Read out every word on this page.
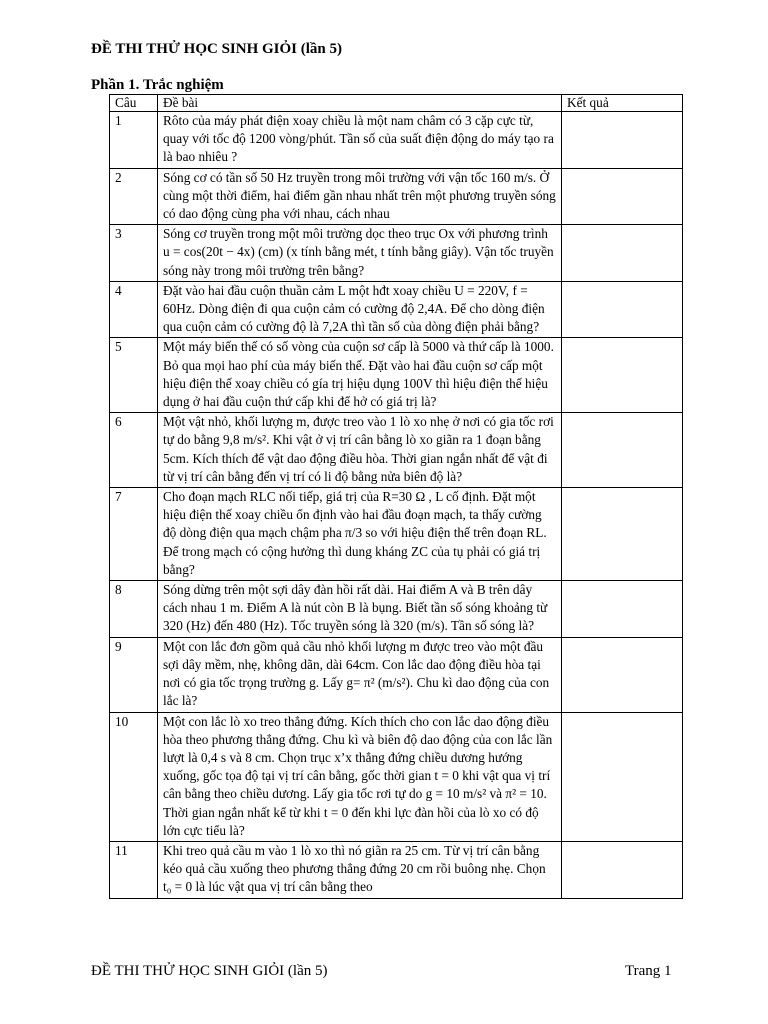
ĐỀ THI THỬ HỌC SINH GIỎI (lần 5)
Phần 1. Trắc nghiệm
Câu	Đề bài	Kết quả
1	Rôto của máy phát điện xoay chiều là một nam châm có 3 cặp cực từ, quay với tốc độ 1200 vòng/phút. Tần số của suất điện động do máy tạo ra là bao nhiêu ?	
2	Sóng cơ có tần số 50 Hz truyền trong môi trường với vận tốc 160 m/s. Ở cùng một thời điểm, hai điểm gần nhau nhất trên một phương truyền sóng có dao động cùng pha với nhau, cách nhau	
3	Sóng cơ truyền trong một môi trường dọc theo trục Ox với phương trình u = cos(20t − 4x) (cm) (x tính bằng mét, t tính bằng giây). Vận tốc truyền sóng này trong môi trường trên bằng?	
4	Đặt vào hai đầu cuộn thuần cảm L một hđt xoay chiều U = 220V, f = 60Hz. Dòng điện đi qua cuộn cảm có cường độ 2,4A. Để cho dòng điện qua cuộn cảm có cường độ là 7,2A thì tần số của dòng điện phải bằng?	
5	Một máy biến thế có số vòng của cuộn sơ cấp là 5000 và thứ cấp là 1000. Bỏ qua mọi hao phí của máy biến thế. Đặt vào hai đầu cuộn sơ cấp một hiệu điện thế xoay chiều có gía trị hiệu dụng 100V thì hiệu điện thế hiệu dụng ở hai đầu cuộn thứ cấp khi để hở có giá trị là?	
6	Một vật nhỏ, khối lượng m, được treo vào 1 lò xo nhẹ ở nơi có gia tốc rơi tự do bằng 9,8 m/s². Khi vật ở vị trí cân bằng lò xo giãn ra 1 đoạn bằng 5cm. Kích thích để vật dao động điều hòa. Thời gian ngắn nhất để vật đi từ vị trí cân bằng đến vị trí có li độ bằng nửa biên độ là?	
7	Cho đoạn mạch RLC nối tiếp, giá trị của R=30 Ω , L cố định. Đặt một hiệu điện thế xoay chiều ổn định vào hai đầu đoạn mạch, ta thấy cường độ dòng điện qua mạch chậm pha π/3 so với hiệu điện thế trên đoạn RL. Để trong mạch có cộng hưởng thì dung kháng ZC của tụ phải có giá trị bằng?	
8	Sóng dừng trên một sợi dây đàn hồi rất dài. Hai điểm A và B trên dây cách nhau 1 m. Điểm A là nút còn B là bụng. Biết tần số sóng khoảng từ 320 (Hz) đến 480 (Hz). Tốc truyền sóng là 320 (m/s). Tần số sóng là?	
9	Một con lắc đơn gồm quả cầu nhỏ khối lượng m được treo vào một đầu sợi dây mềm, nhẹ, không dãn, dài 64cm. Con lắc dao động điều hòa tại nơi có gia tốc trọng trường g. Lấy g= π² (m/s²). Chu kì dao động của con lắc là?	
10	Một con lắc lò xo treo thẳng đứng. Kích thích cho con lắc dao động điều hòa theo phương thẳng đứng. Chu kì và biên độ dao động của con lắc lần lượt là 0,4 s và 8 cm. Chọn trục x’x thẳng đứng chiều dương hướng xuống, gốc tọa độ tại vị trí cân bằng, gốc thời gian t = 0 khi vật qua vị trí cân bằng theo chiều dương. Lấy gia tốc rơi tự do g = 10 m/s² và π² = 10. Thời gian ngắn nhất kể từ khi t = 0 đến khi lực đàn hồi của lò xo có độ lớn cực tiểu là?	
11	Khi treo quả cầu m vào 1 lò xo thì nó giãn ra 25 cm. Từ vị trí cân bằng kéo quả cầu xuống theo phương thẳng đứng 20 cm rồi buông nhẹ. Chọn t₀ = 0 là lúc vật qua vị trí cân bằng theo	

ĐỀ THI THỬ HỌC SINH GIỎI (lần 5)	Trang 1
